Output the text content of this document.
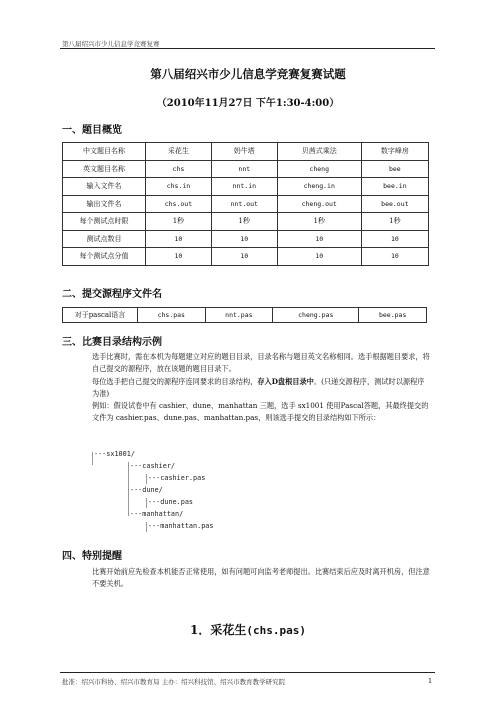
第八届绍兴市少儿信息学竞赛复赛
第八届绍兴市少儿信息学竞赛复赛试题
（2010年11月27日 下午1:30-4:00）
一、题目概览
中文题目名称	采花生	奶牛塔	贝茜式乘法	数字峰房
英文题目名称	chs	nnt	cheng	bee
输入文件名	chs.in	nnt.in	cheng.in	bee.in
输出文件名	chs.out	nnt.out	cheng.out	bee.out
每个测试点时限	1秒	1秒	1秒	1秒
测试点数目	10	10	10	10
每个测试点分值	10	10	10	10
二、提交源程序文件名
对于pascal语言	chs.pas	nnt.pas	cheng.pas	bee.pas
三、比赛目录结构示例
选手比赛时，需在本机为每题建立对应的题目目录，目录名称与题目英文名称相同。选手根据题目要求，将自己提交的源程序，放在该题的题目目录下。
每位选手把自己提交的源程序连同要求的目录结构，存入D盘根目录中。(只递交源程序，测试时以源程序为准)
例如：假设试卷中有 cashier、dune、manhattan 三题，选手 sx1001 使用Pascal答题，其最终提交的文件为 cashier.pas、dune.pas、manhattan.pas，则该选手提交的目录结构如下所示：
---sx1001/
---cashier/
---cashier.pas
---dune/
---dune.pas
---manhattan/
---manhattan.pas
四、特别提醒
比赛开始前应先检查本机能否正常使用，如有问题可向监考老师提出。比赛结束后应及时离开机房，但注意不要关机。
1．采花生(chs.pas)
批准：绍兴市科协、绍兴市教育局 主办：绍兴科技馆、绍兴市教育教学研究院	1
